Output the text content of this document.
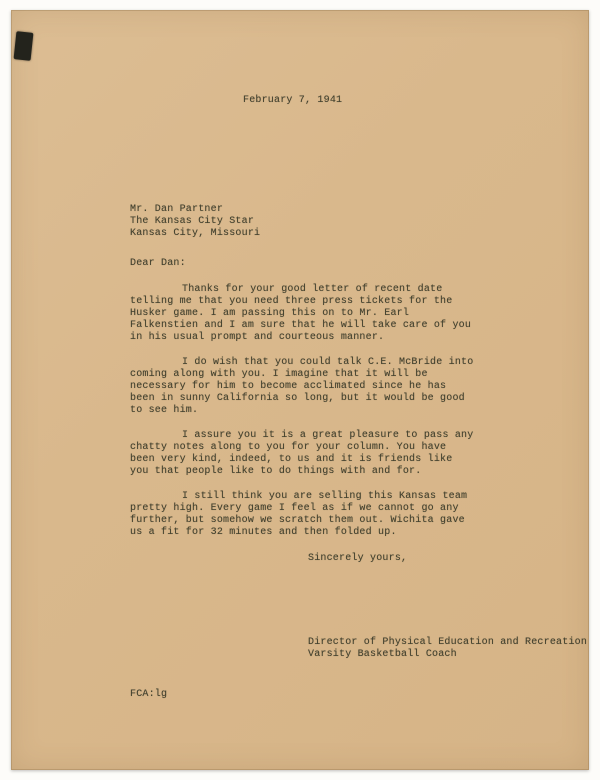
February 7, 1941
Mr. Dan Partner
The Kansas City Star
Kansas City, Missouri
Dear Dan:

Thanks for your good letter of recent date telling me that you need three press tickets for the Husker game. I am passing this on to Mr. Earl Falkenstien and I am sure that he will take care of you in his usual prompt and courteous manner.

I do wish that you could talk C.E. McBride into coming along with you. I imagine that it will be necessary for him to become acclimated since he has been in sunny California so long, but it would be good to see him.

I assure you it is a great pleasure to pass any chatty notes along to you for your column. You have been very kind, indeed, to us and it is friends like you that people like to do things with and for.

I still think you are selling this Kansas team pretty high. Every game I feel as if we cannot go any further, but somehow we scratch them out. Wichita gave us a fit for 32 minutes and then folded up.

Sincerely yours,
Director of Physical Education and Recreation
Varsity Basketball Coach
FCA:lg
